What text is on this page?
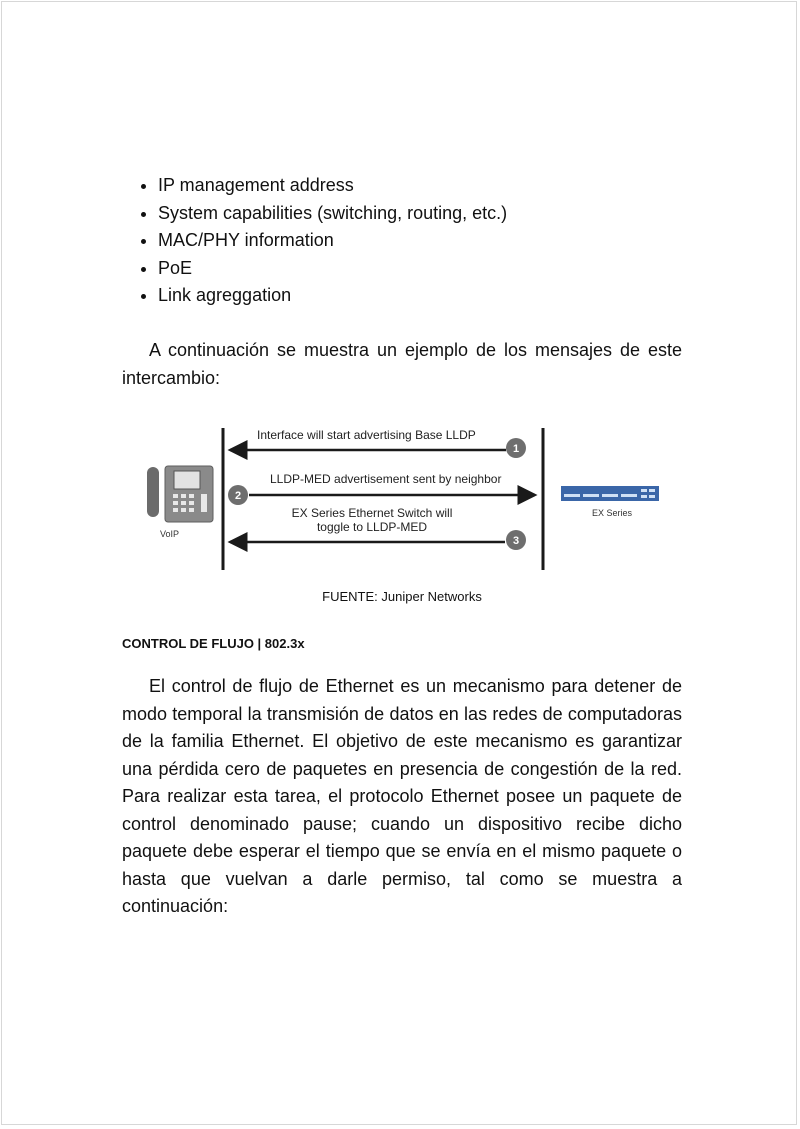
IP management address
System capabilities (switching, routing, etc.)
MAC/PHY information
PoE
Link agreggation

A continuación se muestra un ejemplo de los mensajes de este intercambio:

VoIP
Interface will start advertising Base LLDP
1
LLDP-MED advertisement sent by neighbor
2
EX Series Ethernet Switch will
toggle to LLDP-MED
3
EX Series
FUENTE: Juniper Networks
CONTROL DE FLUJO | 802.3x

El control de flujo de Ethernet es un mecanismo para detener de modo temporal la transmisión de datos en las redes de computadoras de la familia Ethernet. El objetivo de este mecanismo es garantizar una pérdida cero de paquetes en presencia de congestión de la red. Para realizar esta tarea, el protocolo Ethernet posee un paquete de control denominado pause; cuando un dispositivo recibe dicho paquete debe esperar el tiempo que se envía en el mismo paquete o hasta que vuelvan a darle permiso, tal como se muestra a continuación:
